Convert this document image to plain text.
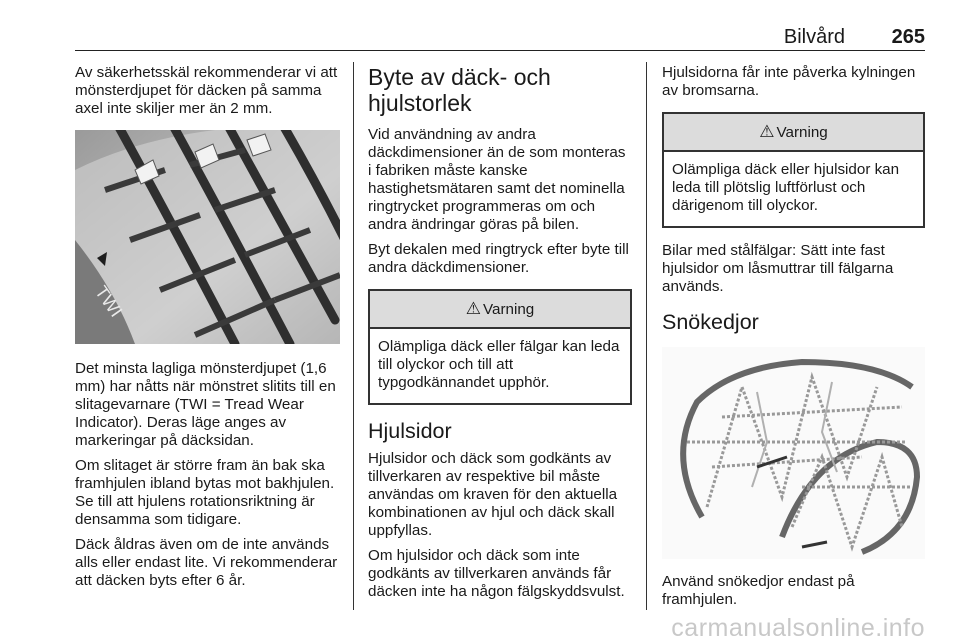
Bilvård 265

Av säkerhetsskäl rekommenderar vi att mönsterdjupet för däcken på samma axel inte skiljer mer än 2 mm.

TWI

Det minsta lagliga mönsterdjupet (1,6 mm) har nåtts när mönstret slitits till en slitagevarnare (TWI = Tread Wear Indicator). Deras läge anges av markeringar på däcksidan.

Om slitaget är större fram än bak ska framhjulen ibland bytas mot bakhjulen. Se till att hjulens rotationsriktning är densamma som tidigare.

Däck åldras även om de inte används alls eller endast lite. Vi rekommenderar att däcken byts efter 6 år.

Byte av däck- och hjulstorlek

Vid användning av andra däckdimensioner än de som monteras i fabriken måste kanske hastighetsmätaren samt det nominella ringtrycket programmeras om och andra ändringar göras på bilen.

Byt dekalen med ringtryck efter byte till andra däckdimensioner.

⚠ Varning

Olämpliga däck eller fälgar kan leda till olyckor och till att typgodkännandet upphör.

Hjulsidor

Hjulsidor och däck som godkänts av tillverkaren av respektive bil måste användas om kraven för den aktuella kombinationen av hjul och däck skall uppfyllas.

Om hjulsidor och däck som inte godkänts av tillverkaren används får däcken inte ha någon fälgskyddsvulst.

Hjulsidorna får inte påverka kylningen av bromsarna.

⚠ Varning

Olämpliga däck eller hjulsidor kan leda till plötslig luftförlust och därigenom till olyckor.

Bilar med stålfälgar: Sätt inte fast hjulsidor om låsmuttrar till fälgarna används.

Snökedjor

Använd snökedjor endast på framhjulen.

carmanualsonline.info
